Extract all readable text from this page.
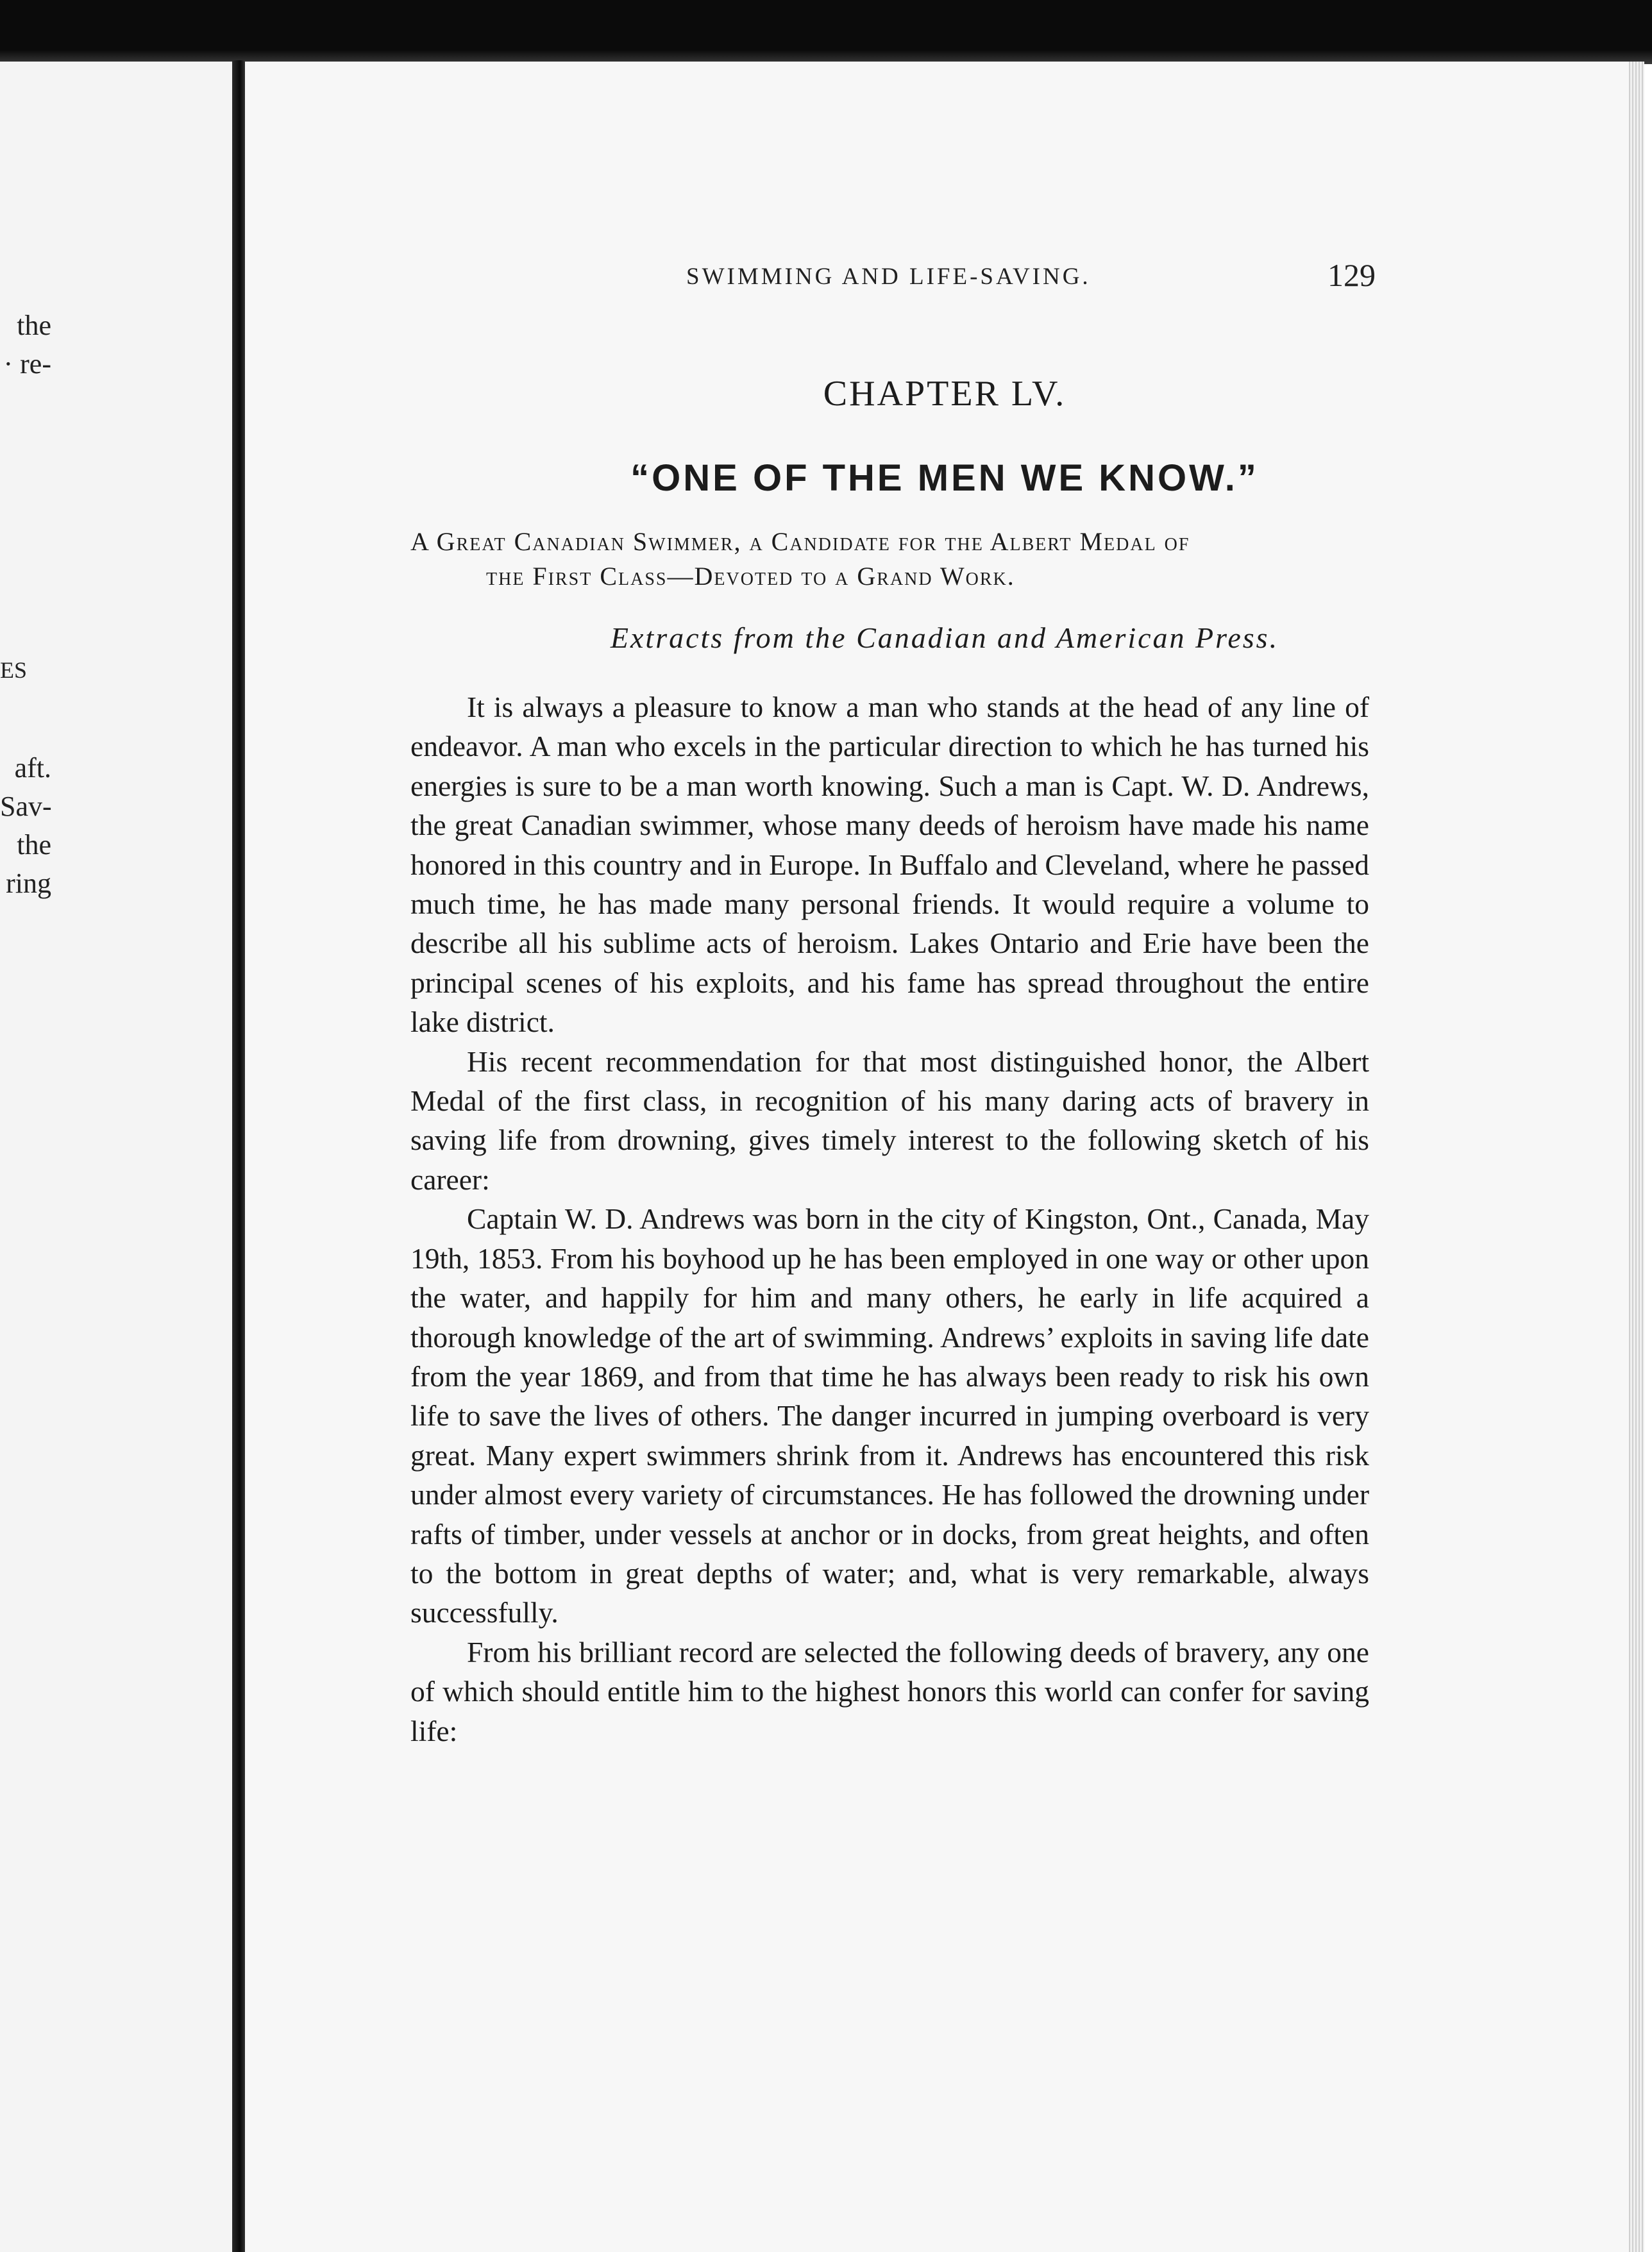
the
· re-
ES
aft.
Sav-
the
ring
SWIMMING AND LIFE-SAVING.	129
CHAPTER LV.
“ONE OF THE MEN WE KNOW.”
A Great Canadian Swimmer, a Candidate for the Albert Medal of
the First Class—Devoted to a Grand Work.
Extracts from the Canadian and American Press.

It is always a pleasure to know a man who stands at the head of any line of endeavor. A man who excels in the particular direction to which he has turned his energies is sure to be a man worth knowing. Such a man is Capt. W. D. Andrews, the great Canadian swimmer, whose many deeds of heroism have made his name honored in this country and in Europe. In Buffalo and Cleveland, where he passed much time, he has made many personal friends. It would require a volume to describe all his sublime acts of heroism. Lakes Ontario and Erie have been the principal scenes of his exploits, and his fame has spread throughout the entire lake district.

His recent recommendation for that most distinguished honor, the Albert Medal of the first class, in recognition of his many daring acts of bravery in saving life from drowning, gives timely interest to the following sketch of his career:

Captain W. D. Andrews was born in the city of Kingston, Ont., Canada, May 19th, 1853. From his boyhood up he has been employed in one way or other upon the water, and happily for him and many others, he early in life acquired a thorough knowledge of the art of swimming. Andrews’ exploits in saving life date from the year 1869, and from that time he has always been ready to risk his own life to save the lives of others. The danger incurred in jumping overboard is very great. Many expert swimmers shrink from it. Andrews has encountered this risk under almost every variety of circumstances. He has followed the drowning under rafts of timber, under vessels at anchor or in docks, from great heights, and often to the bottom in great depths of water; and, what is very remarkable, always successfully.

From his brilliant record are selected the following deeds of bravery, any one of which should entitle him to the highest honors this world can confer for saving life:
